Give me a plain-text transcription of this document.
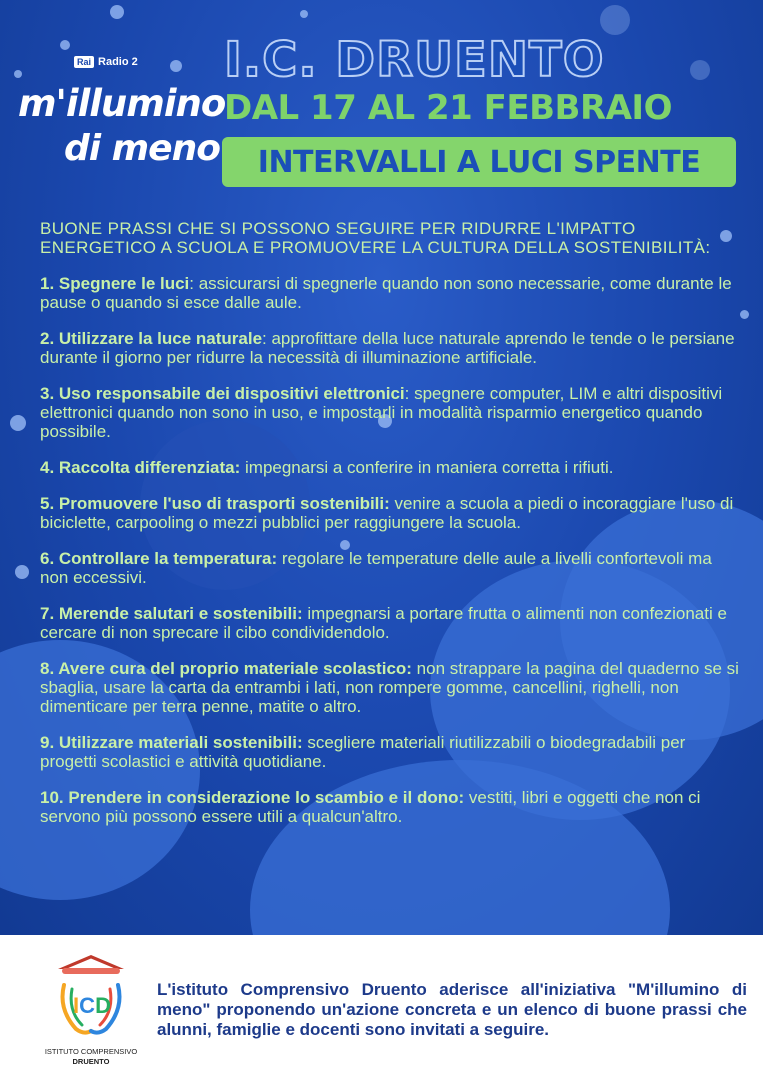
Rai Radio 2
m'illumino
di meno
I.C. DRUENTO
DAL 17 AL 21 FEBBRAIO
INTERVALLI A LUCI SPENTE

BUONE PRASSI CHE SI POSSONO SEGUIRE PER RIDURRE L'IMPATTO ENERGETICO A SCUOLA E PROMUOVERE LA CULTURA DELLA SOSTENIBILITÀ:

1. Spegnere le luci: assicurarsi di spegnerle quando non sono necessarie, come durante le pause o quando si esce dalle aule.

2. Utilizzare la luce naturale: approfittare della luce naturale aprendo le tende o le persiane durante il giorno per ridurre la necessità di illuminazione artificiale.

3. Uso responsabile dei dispositivi elettronici: spegnere computer, LIM e altri dispositivi elettronici quando non sono in uso, e impostarli in modalità risparmio energetico quando possibile.

4. Raccolta differenziata: impegnarsi a conferire in maniera corretta i rifiuti.

5. Promuovere l'uso di trasporti sostenibili: venire a scuola a piedi o incoraggiare l'uso di biciclette, carpooling o mezzi pubblici per raggiungere la scuola.

6. Controllare la temperatura: regolare le temperature delle aule a livelli confortevoli ma non eccessivi.

7. Merende salutari e sostenibili: impegnarsi a portare frutta o alimenti non confezionati e cercare di non sprecare il cibo condividendolo.

8. Avere cura del proprio materiale scolastico: non strappare la pagina del quaderno se si sbaglia, usare la carta da entrambi i lati, non rompere gomme, cancellini, righelli, non dimenticare per terra penne, matite o altro.

9. Utilizzare materiali sostenibili: scegliere materiali riutilizzabili o biodegradabili per progetti scolastici e attività quotidiane.

10. Prendere in considerazione lo scambio e il dono: vestiti, libri e oggetti che non ci servono più possono essere utili a qualcun'altro.

ICD
ISTITUTO COMPRENSIVO
DRUENTO
L'istituto Comprensivo Druento aderisce all'iniziativa "M'illumino di meno" proponendo un'azione concreta e un elenco di buone prassi che alunni, famiglie e docenti sono invitati a seguire.
